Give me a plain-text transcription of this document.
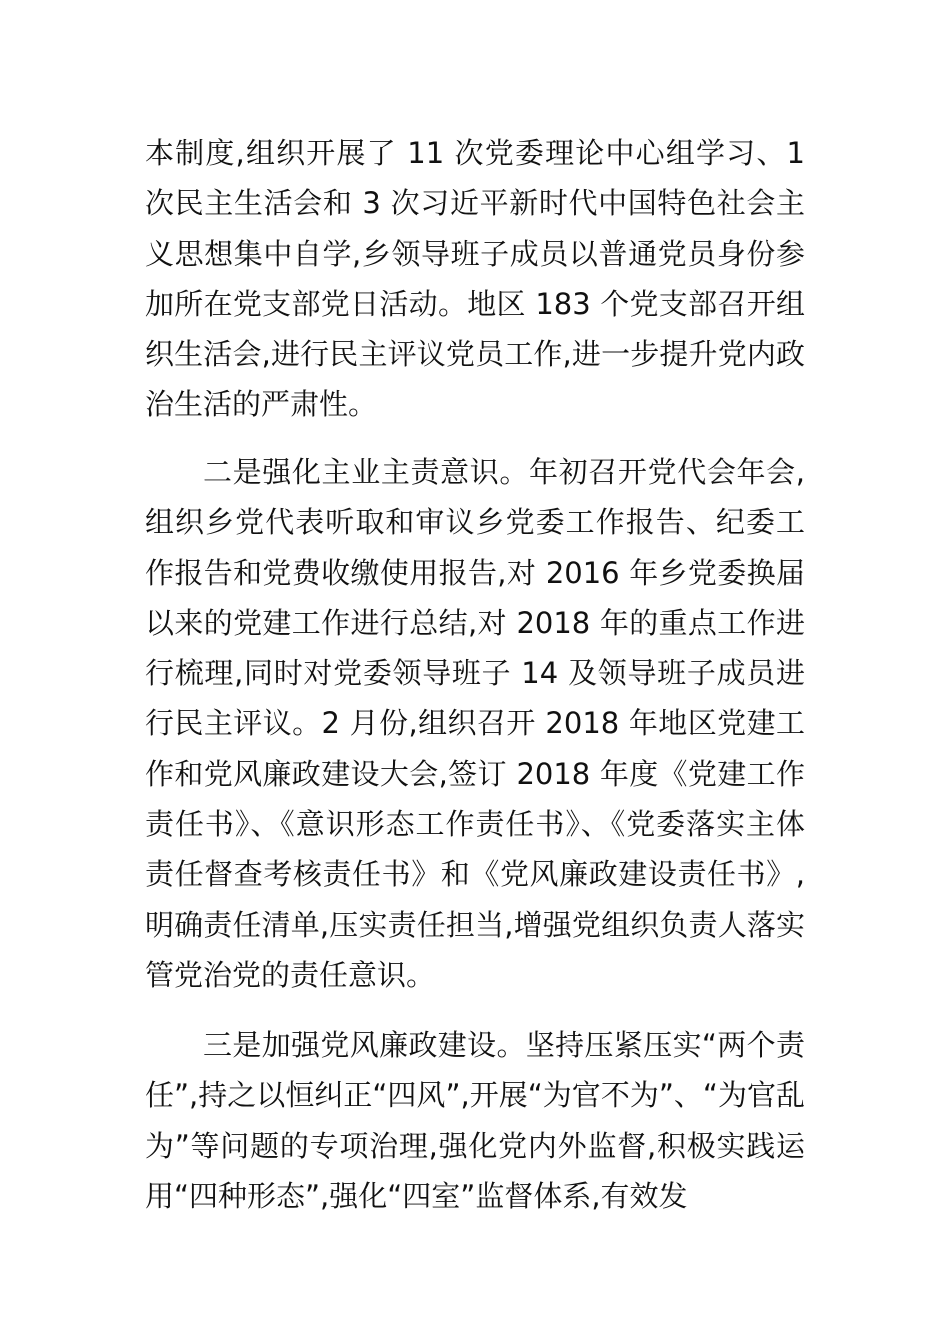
本制度,组织开展了 11 次党委理论中心组学习、1 次民主生活会和 3 次习近平新时代中国特色社会主义思想集中自学,乡领导班子成员以普通党员身份参加所在党支部党日活动。地区 183 个党支部召开组织生活会,进行民主评议党员工作,进一步提升党内政治生活的严肃性。

二是强化主业主责意识。年初召开党代会年会,组织乡党代表听取和审议乡党委工作报告、纪委工作报告和党费收缴使用报告,对 2016 年乡党委换届以来的党建工作进行总结,对 2018 年的重点工作进行梳理,同时对党委领导班子 14 及领导班子成员进行民主评议。2 月份,组织召开 2018 年地区党建工作和党风廉政建设大会,签订 2018 年度《党建工作责任书》、《意识形态工作责任书》、《党委落实主体责任督查考核责任书》和《党风廉政建设责任书》,明确责任清单,压实责任担当,增强党组织负责人落实管党治党的责任意识。

三是加强党风廉政建设。坚持压紧压实“两个责任”,持之以恒纠正“四风”,开展“为官不为”、“为官乱为”等问题的专项治理,强化党内外监督,积极实践运用“四种形态”,强化“四室”监督体系,有效发
